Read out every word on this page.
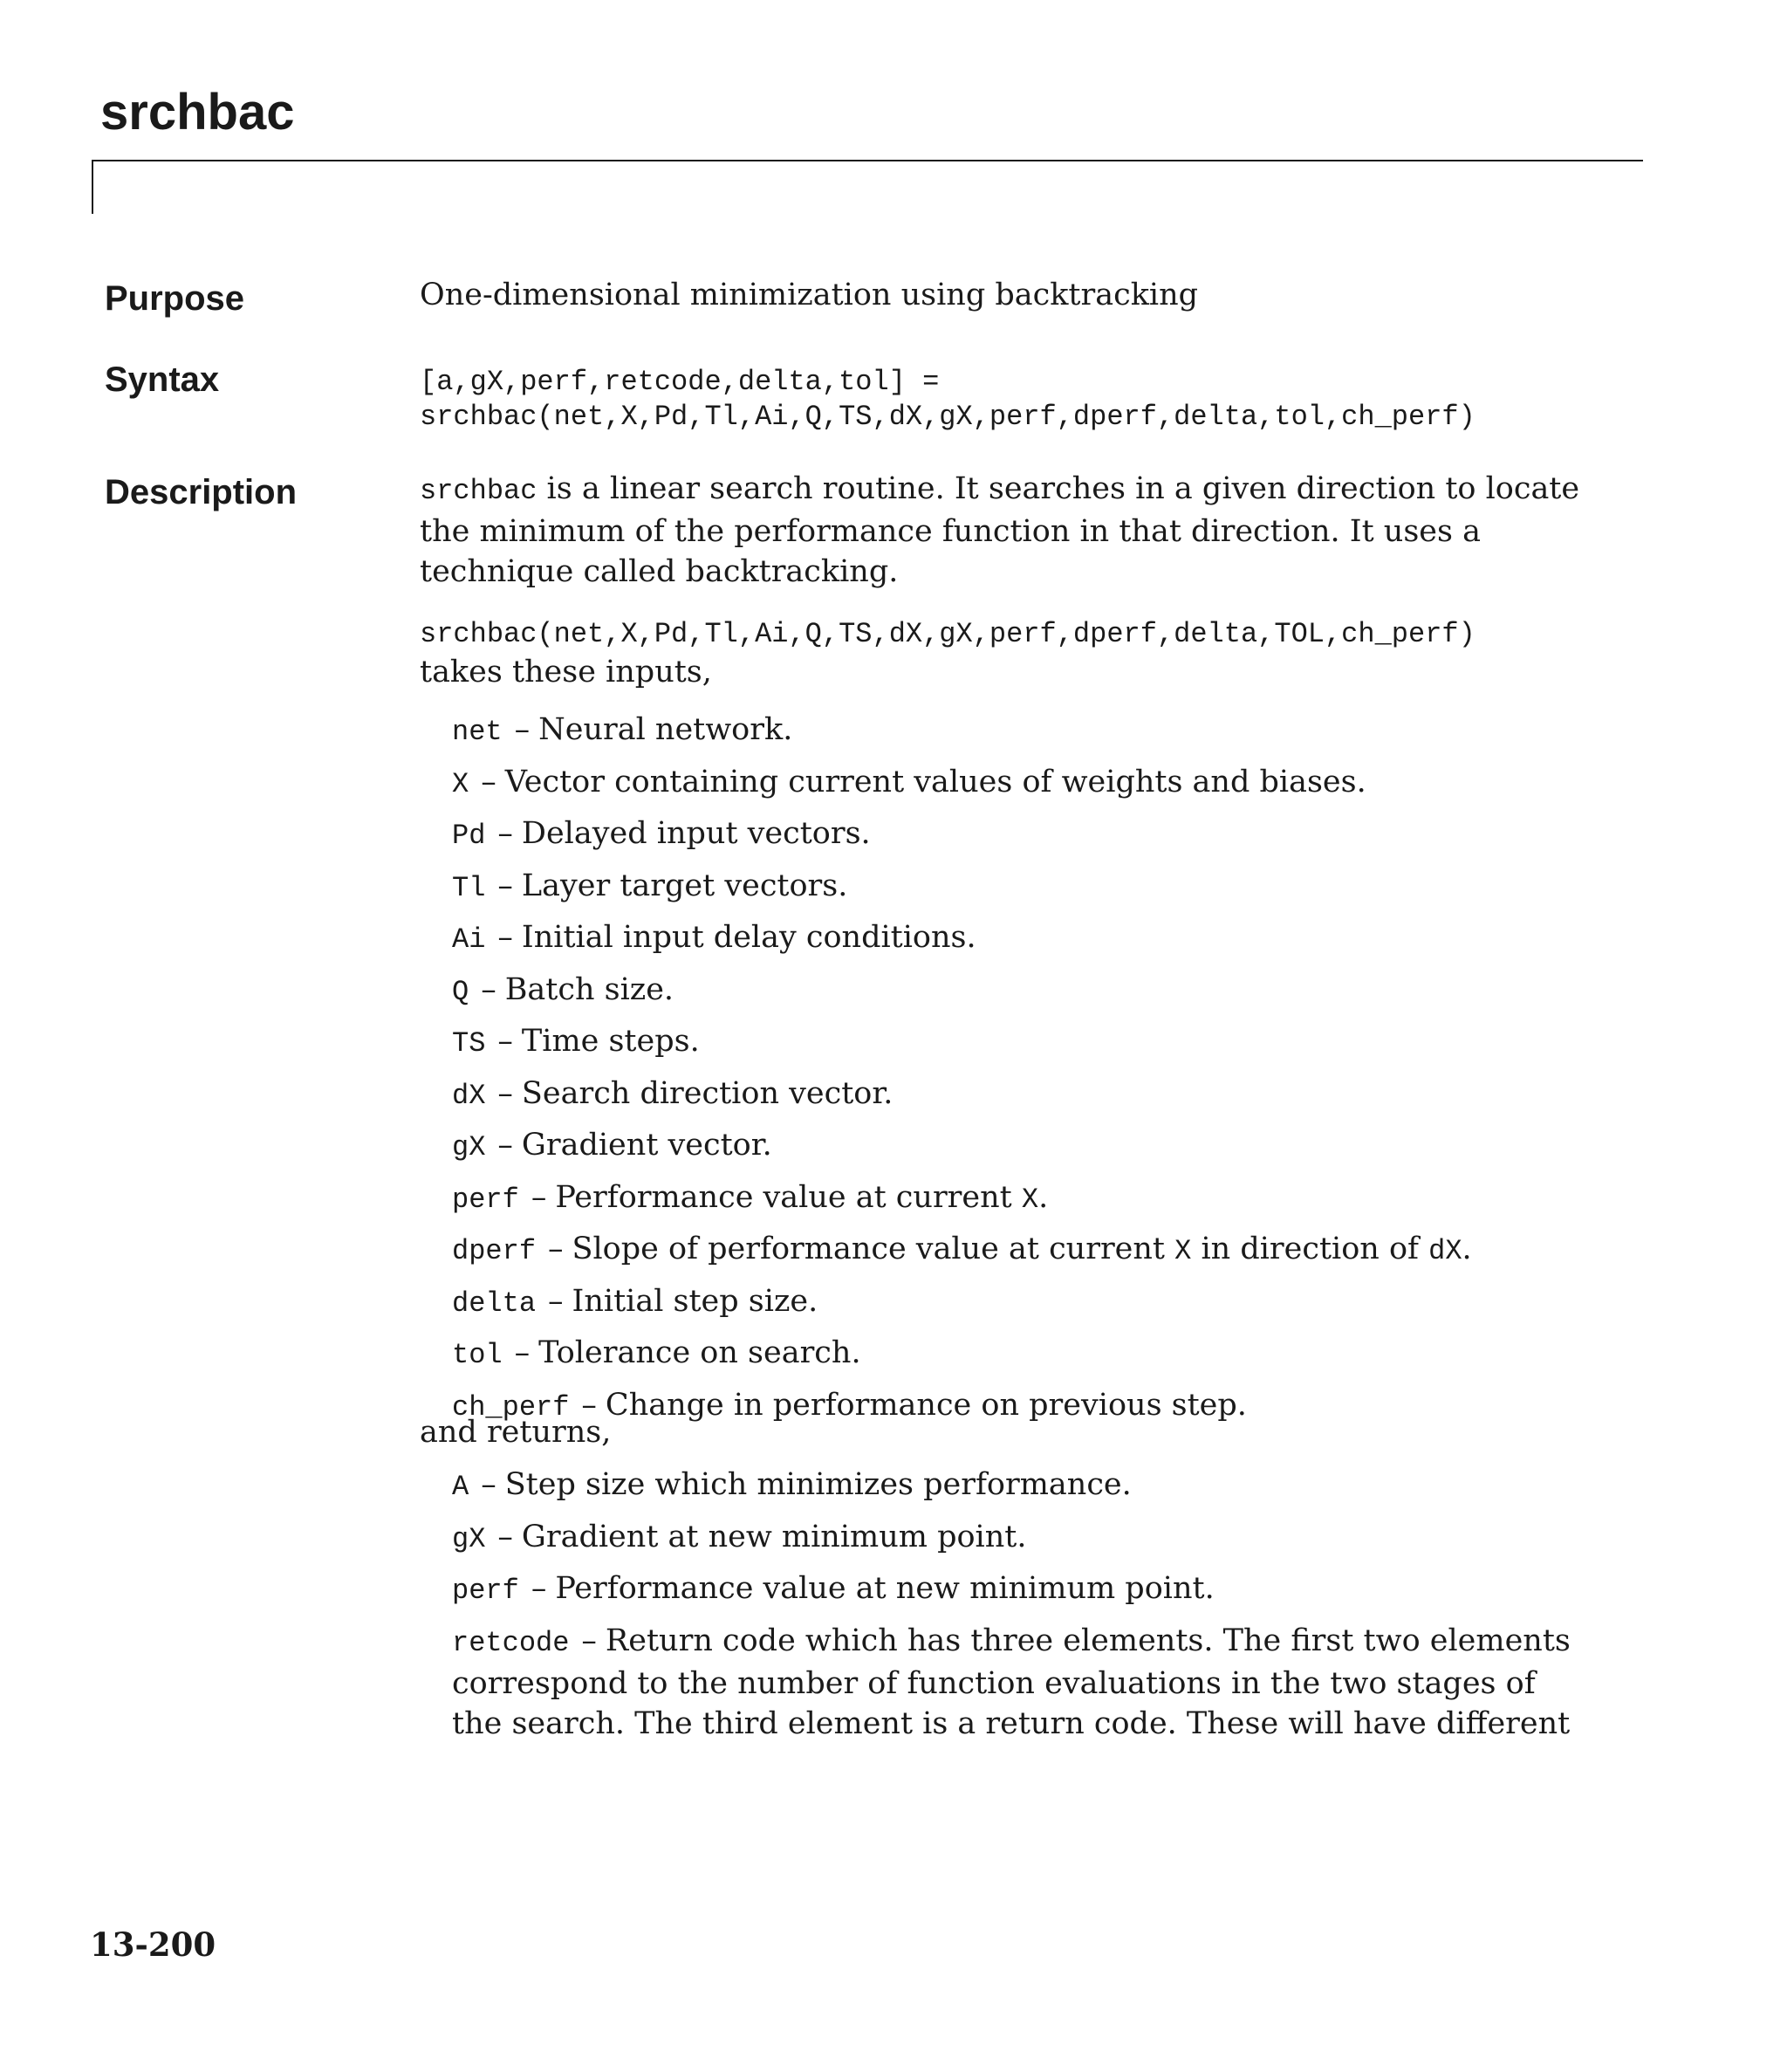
srchbac
Purpose	One-dimensional minimization using backtracking
Syntax	[a,gX,perf,retcode,delta,tol] =
srchbac(net,X,Pd,Tl,Ai,Q,TS,dX,gX,perf,dperf,delta,tol,ch_perf)
Description	srchbac is a linear search routine. It searches in a given direction to locate the minimum of the performance function in that direction. It uses a technique called backtracking.
srchbac(net,X,Pd,Tl,Ai,Q,TS,dX,gX,perf,dperf,delta,TOL,ch_perf)
takes these inputs,
net – Neural network.
X – Vector containing current values of weights and biases.
Pd – Delayed input vectors.
Tl – Layer target vectors.
Ai – Initial input delay conditions.
Q – Batch size.
TS – Time steps.
dX – Search direction vector.
gX – Gradient vector.
perf – Performance value at current X.
dperf – Slope of performance value at current X in direction of dX.
delta – Initial step size.
tol – Tolerance on search.
ch_perf – Change in performance on previous step.
and returns,
A – Step size which minimizes performance.
gX – Gradient at new minimum point.
perf – Performance value at new minimum point.
retcode – Return code which has three elements. The first two elements correspond to the number of function evaluations in the two stages of the search. The third element is a return code. These will have different
13-200
